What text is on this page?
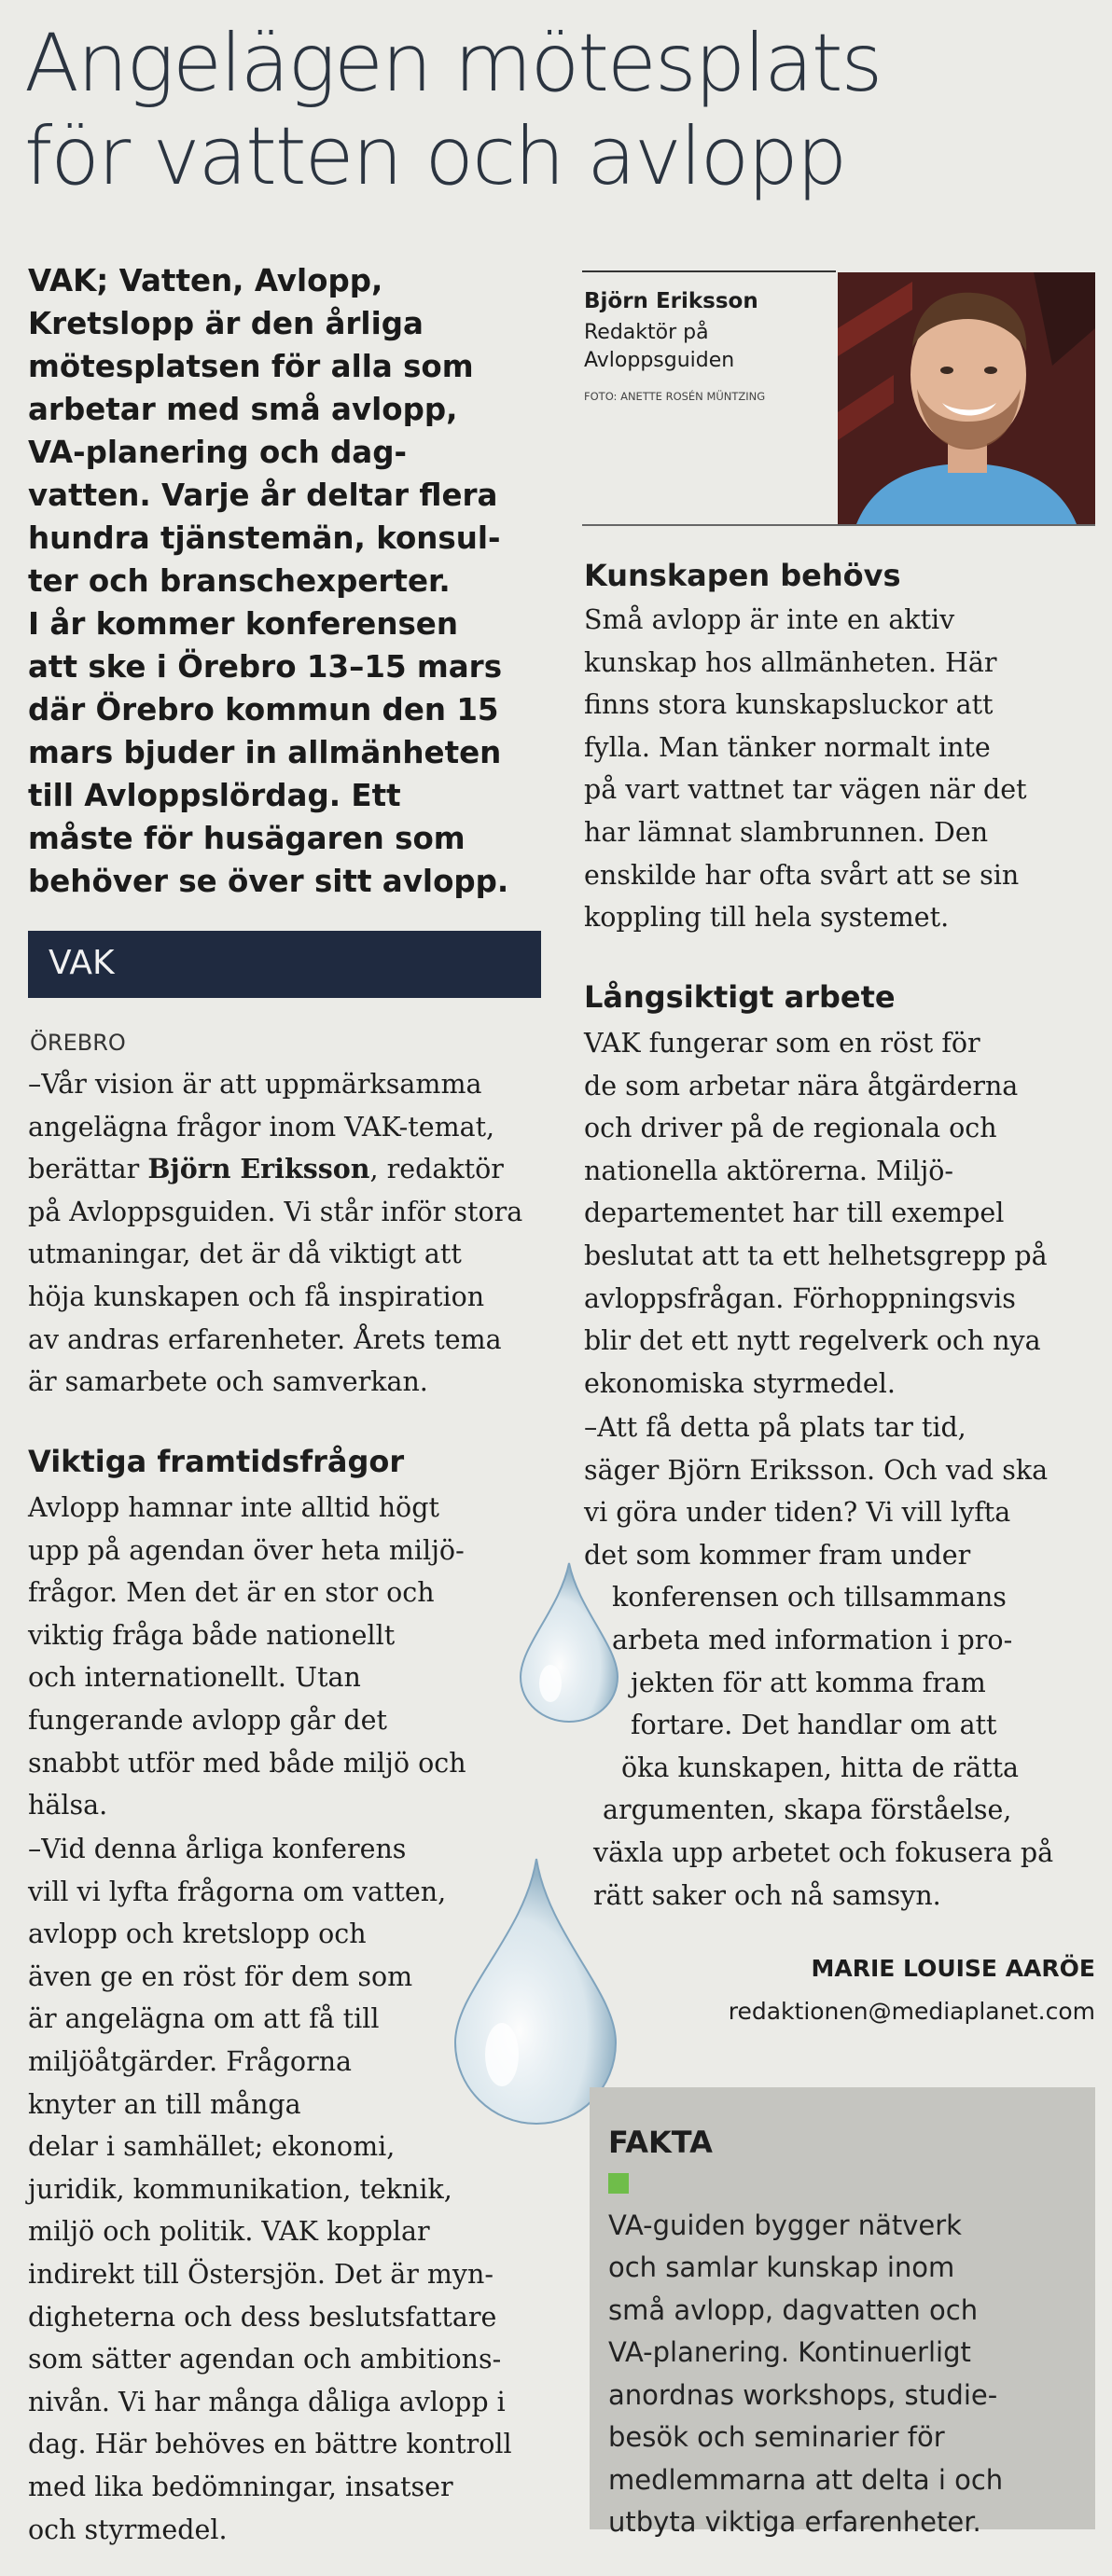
Angelägen mötesplats
för vatten och avlopp
VAK; Vatten, Avlopp,
Kretslopp är den årliga
mötesplatsen för alla som
arbetar med små avlopp,
VA-planering och dag-
vatten. Varje år deltar flera
hundra tjänstemän, konsul-
ter och branschexperter.
I år kommer konferensen
att ske i Örebro 13–15 mars
där Örebro kommun den 15
mars bjuder in allmänheten
till Avloppslördag. Ett
måste för husägaren som
behöver se över sitt avlopp.
VAK
ÖREBRO
–Vår vision är att uppmärksamma
angelägna frågor inom VAK-temat,
berättar Björn Eriksson, redaktör
på Avloppsguiden. Vi står inför stora
utmaningar, det är då viktigt att
höja kunskapen och få inspiration
av andras erfarenheter. Årets tema
är samarbete och samverkan.
Viktiga framtidsfrågor
Avlopp hamnar inte alltid högt
upp på agendan över heta miljö-
frågor. Men det är en stor och
viktig fråga både nationellt
och internationellt. Utan
fungerande avlopp går det
snabbt utför med både miljö och
hälsa.
–Vid denna årliga konferens
vill vi lyfta frågorna om vatten,
avlopp och kretslopp och
även ge en röst för dem som
är angelägna om att få till
miljöåtgärder. Frågorna
knyter an till många
delar i samhället; ekonomi,
juridik, kommunikation, teknik,
miljö och politik. VAK kopplar
indirekt till Östersjön. Det är myn-
digheterna och dess beslutsfattare
som sätter agendan och ambitions-
nivån. Vi har många dåliga avlopp i
dag. Här behöves en bättre kontroll
med lika bedömningar, insatser
och styrmedel.
Björn Eriksson
Redaktör på
Avloppsguiden
FOTO: ANETTE ROSÉN MÜNTZING
Kunskapen behövs
Små avlopp är inte en aktiv
kunskap hos allmänheten. Här
finns stora kunskapsluckor att
fylla. Man tänker normalt inte
på vart vattnet tar vägen när det
har lämnat slambrunnen. Den
enskilde har ofta svårt att se sin
koppling till hela systemet.
Långsiktigt arbete
VAK fungerar som en röst för
de som arbetar nära åtgärderna
och driver på de regionala och
nationella aktörerna. Miljö-
departementet har till exempel
beslutat att ta ett helhetsgrepp på
avloppsfrågan. Förhoppningsvis
blir det ett nytt regelverk och nya
ekonomiska styrmedel.
–Att få detta på plats tar tid,
säger Björn Eriksson. Och vad ska
vi göra under tiden? Vi vill lyfta
det som kommer fram under
konferensen och tillsammans
arbeta med information i pro-
jekten för att komma fram
fortare. Det handlar om att
öka kunskapen, hitta de rätta
argumenten, skapa förståelse,
växla upp arbetet och fokusera på
rätt saker och nå samsyn.
MARIE LOUISE AARÖE
redaktionen@mediaplanet.com
FAKTA
VA-guiden bygger nätverk
och samlar kunskap inom
små avlopp, dagvatten och
VA-planering. Kontinuerligt
anordnas workshops, studie-
besök och seminarier för
medlemmarna att delta i och
utbyta viktiga erfarenheter.
